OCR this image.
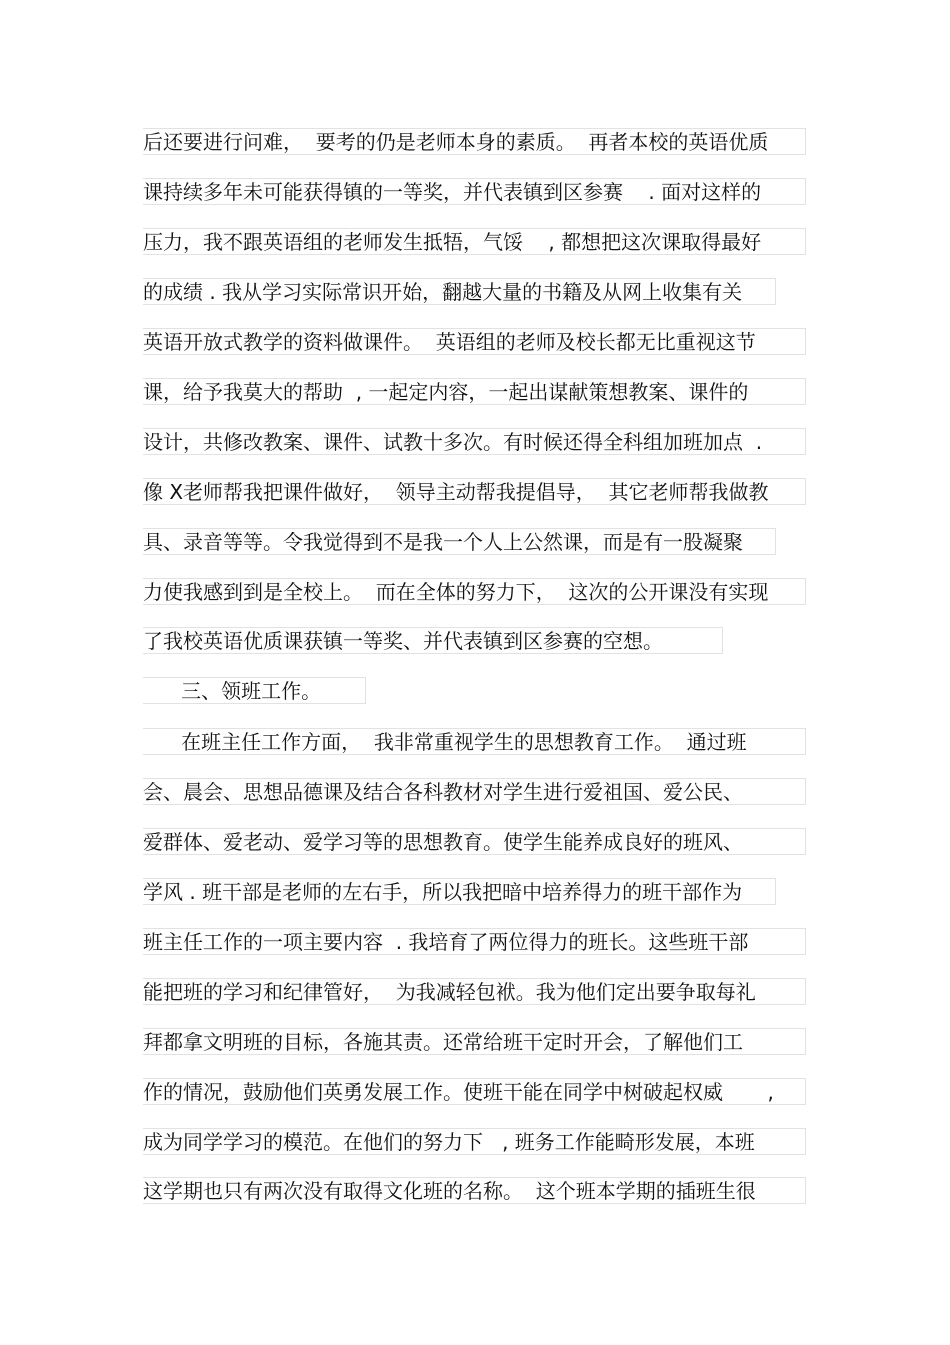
后还要进行问难，  要考的仍是老师本身的素质。  再者本校的英语优质
课持续多年未可能获得镇的一等奖，并代表镇到区参赛    . 面对这样的
压力，我不跟英语组的老师发生抵牾，气馁    , 都想把这次课取得最好
的成绩 . 我从学习实际常识开始，翻越大量的书籍及从网上收集有关
英语开放式教学的资料做课件。  英语组的老师及校长都无比重视这节
课，给予我莫大的帮助  , 一起定内容，一起出谋献策想教案、课件的
设计，共修改教案、课件、试教十多次。有时候还得全科组加班加点  .
像 X老师帮我把课件做好，  领导主动帮我提倡导，  其它老师帮我做教
具、录音等等。令我觉得到不是我一个人上公然课，而是有一股凝聚
力使我感到到是全校上。  而在全体的努力下，  这次的公开课没有实现
了我校英语优质课获镇一等奖、并代表镇到区参赛的空想。
三、领班工作。
在班主任工作方面，  我非常重视学生的思想教育工作。  通过班
会、晨会、思想品德课及结合各科教材对学生进行爱祖国、爱公民、
爱群体、爱老动、爱学习等的思想教育。使学生能养成良好的班风、
学风 . 班干部是老师的左右手，所以我把暗中培养得力的班干部作为
班主任工作的一项主要内容  . 我培育了两位得力的班长。这些班干部
能把班的学习和纪律管好，  为我减轻包袱。我为他们定出要争取每礼
拜都拿文明班的目标，各施其责。还常给班干定时开会，了解他们工
作的情况，鼓励他们英勇发展工作。使班干能在同学中树破起权威       ,
成为同学学习的模范。在他们的努力下   , 班务工作能畸形发展，本班
这学期也只有两次没有取得文化班的名称。  这个班本学期的插班生很
